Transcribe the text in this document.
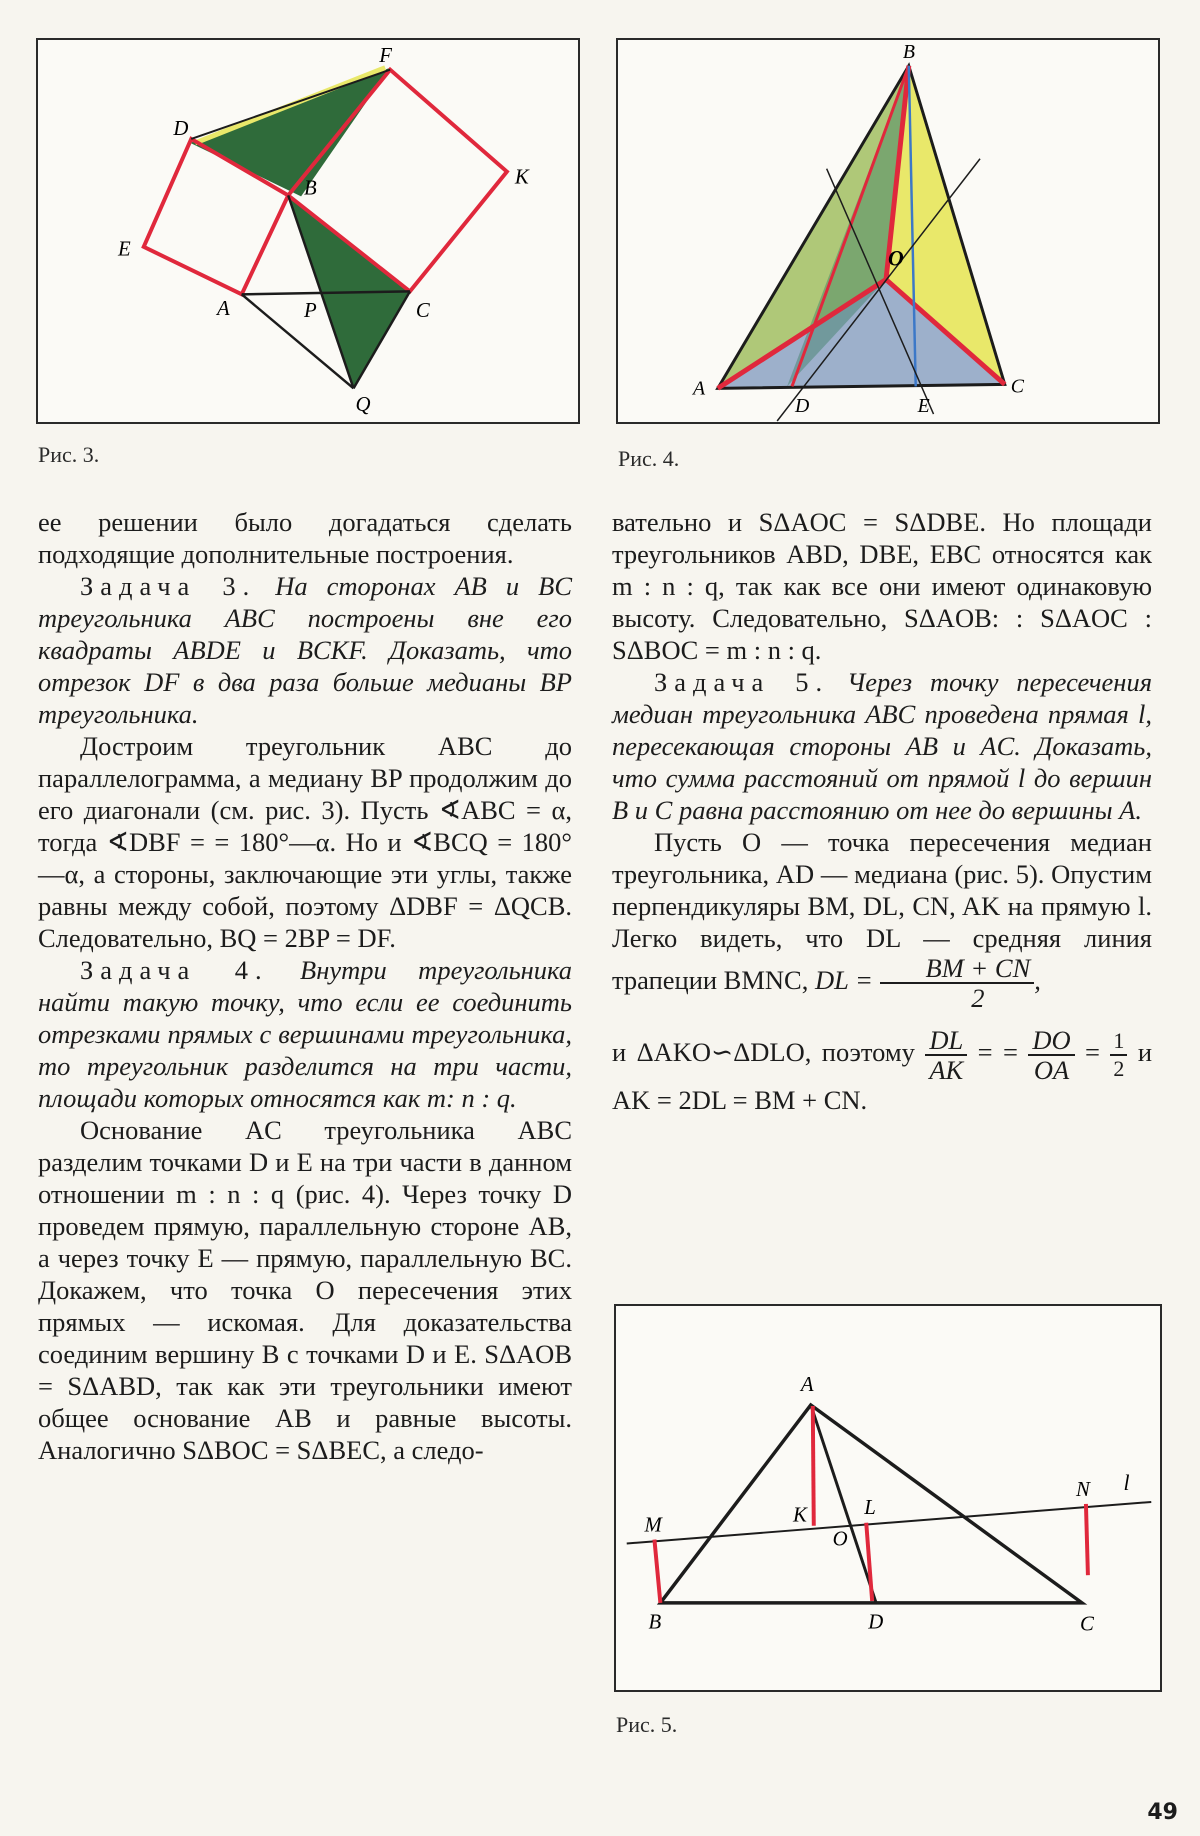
F
D
B	K
E
A	P	C
Q
Рис. 3.
B
O
A
D	E
C
Рис. 4.

ее решении было догадаться сделать подходящие дополнительные построения.

Задача 3. На сторонах AB и BC треугольника ABC построены вне его квадраты ABDE и BCKF. Доказать, что отрезок DF в два раза больше медианы BP треугольника.

Достроим треугольник ABC до параллелограмма, а медиану BP продолжим до его диагонали (см. рис. 3). Пусть ∢ABC = α, тогда ∢DBF = = 180°—α. Но и ∢BCQ = 180°—α, а стороны, заключающие эти углы, также равны между собой, поэтому ΔDBF = ΔQCB. Следовательно, BQ = 2BP = DF.

Задача 4. Внутри треугольника найти такую точку, что если ее соединить отрезками прямых с вершинами треугольника, то треугольник разделится на три части, площади которых относятся как m: n : q.

Основание AC треугольника ABC разделим точками D и E на три части в данном отношении m : n : q (рис. 4). Через точку D проведем прямую, параллельную стороне AB, а через точку E — прямую, параллельную BC. Докажем, что точка O пересечения этих прямых — искомая. Для доказательства соединим вершину B с точками D и E. SΔAOB = SΔABD, так как эти треугольники имеют общее основание AB и равные высоты. Аналогично SΔBOC = SΔBEC, а следо-

вательно и SΔAOC = SΔDBE. Но площади треугольников ABD, DBE, EBC относятся как m : n : q, так как все они имеют одинаковую высоту. Следовательно, SΔAOB: : SΔAOC : SΔBOC = m : n : q.

Задача 5. Через точку пересечения медиан треугольника ABC проведена прямая l, пересекающая стороны AB и AC. Доказать, что сумма расстояний от прямой l до вершин B и C равна расстоянию от нее до вершины A.

Пусть O — точка пересечения медиан треугольника, AD — медиана (рис. 5). Опустим перпендикуляры BM, DL, CN, AK на прямую l. Легко видеть, что DL — средняя линия трапеции BMNC, DL = $\frac{BM + CN}{2}$ ,

и ΔAKO∽ΔDLO, поэтому $\frac{DL}{AK}$ = = $\frac{DO}{OA} = \frac{1}{2}$ и AK = 2DL = BM + CN.

A
M	K	L
O
N l
B	D	C
Рис. 5.
49
